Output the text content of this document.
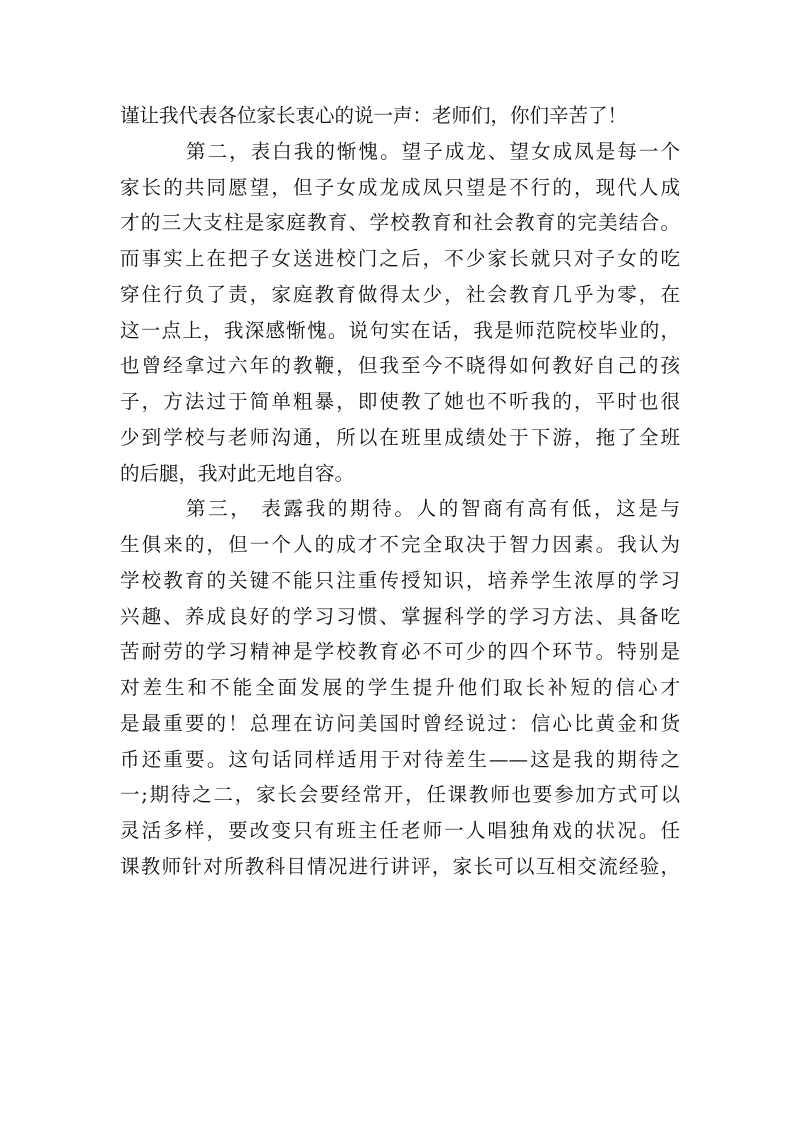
谨让我代表各位家长衷心的说一声：老师们，你们辛苦了！
第二，表白我的惭愧。望子成龙、望女成凤是每一个
家长的共同愿望，但子女成龙成凤只望是不行的，现代人成
才的三大支柱是家庭教育、学校教育和社会教育的完美结合。
而事实上在把子女送进校门之后，不少家长就只对子女的吃
穿住行负了责，家庭教育做得太少，社会教育几乎为零，在
这一点上，我深感惭愧。说句实在话，我是师范院校毕业的，
也曾经拿过六年的教鞭，但我至今不晓得如何教好自己的孩
子，方法过于简单粗暴，即使教了她也不听我的，平时也很
少到学校与老师沟通，所以在班里成绩处于下游，拖了全班
的后腿，我对此无地自容。
第三， 表露我的期待。人的智商有高有低，这是与
生俱来的，但一个人的成才不完全取决于智力因素。我认为
学校教育的关键不能只注重传授知识，培养学生浓厚的学习
兴趣、养成良好的学习习惯、掌握科学的学习方法、具备吃
苦耐劳的学习精神是学校教育必不可少的四个环节。特别是
对差生和不能全面发展的学生提升他们取长补短的信心才
是最重要的！总理在访问美国时曾经说过：信心比黄金和货
币还重要。这句话同样适用于对待差生——这是我的期待之
一;期待之二，家长会要经常开，任课教师也要参加方式可以
灵活多样，要改变只有班主任老师一人唱独角戏的状况。任
课教师针对所教科目情况进行讲评，家长可以互相交流经验，
